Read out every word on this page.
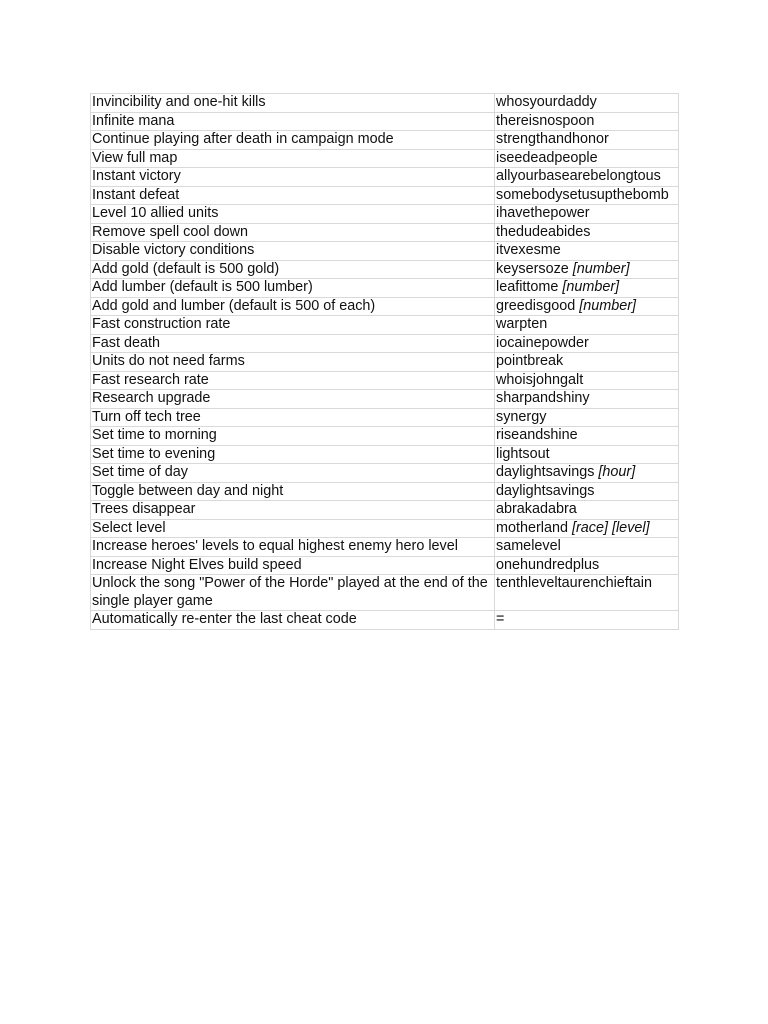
Invincibility and one-hit kills	whosyourdaddy
Infinite mana	thereisnospoon
Continue playing after death in campaign mode	strengthandhonor
View full map	iseedeadpeople
Instant victory	allyourbasearebelongtous
Instant defeat	somebodysetusupthebomb
Level 10 allied units	ihavethepower
Remove spell cool down	thedudeabides
Disable victory conditions	itvexesme
Add gold (default is 500 gold)	keysersoze [number]
Add lumber (default is 500 lumber)	leafittome [number]
Add gold and lumber (default is 500 of each)	greedisgood [number]
Fast construction rate	warpten
Fast death	iocainepowder
Units do not need farms	pointbreak
Fast research rate	whoisjohngalt
Research upgrade	sharpandshiny
Turn off tech tree	synergy
Set time to morning	riseandshine
Set time to evening	lightsout
Set time of day	daylightsavings [hour]
Toggle between day and night	daylightsavings
Trees disappear	abrakadabra
Select level	motherland [race] [level]
Increase heroes' levels to equal highest enemy hero level	samelevel
Increase Night Elves build speed	onehundredplus
Unlock the song "Power of the Horde" played at the end of the single player game	tenthleveltaurenchieftain
Automatically re-enter the last cheat code	=
